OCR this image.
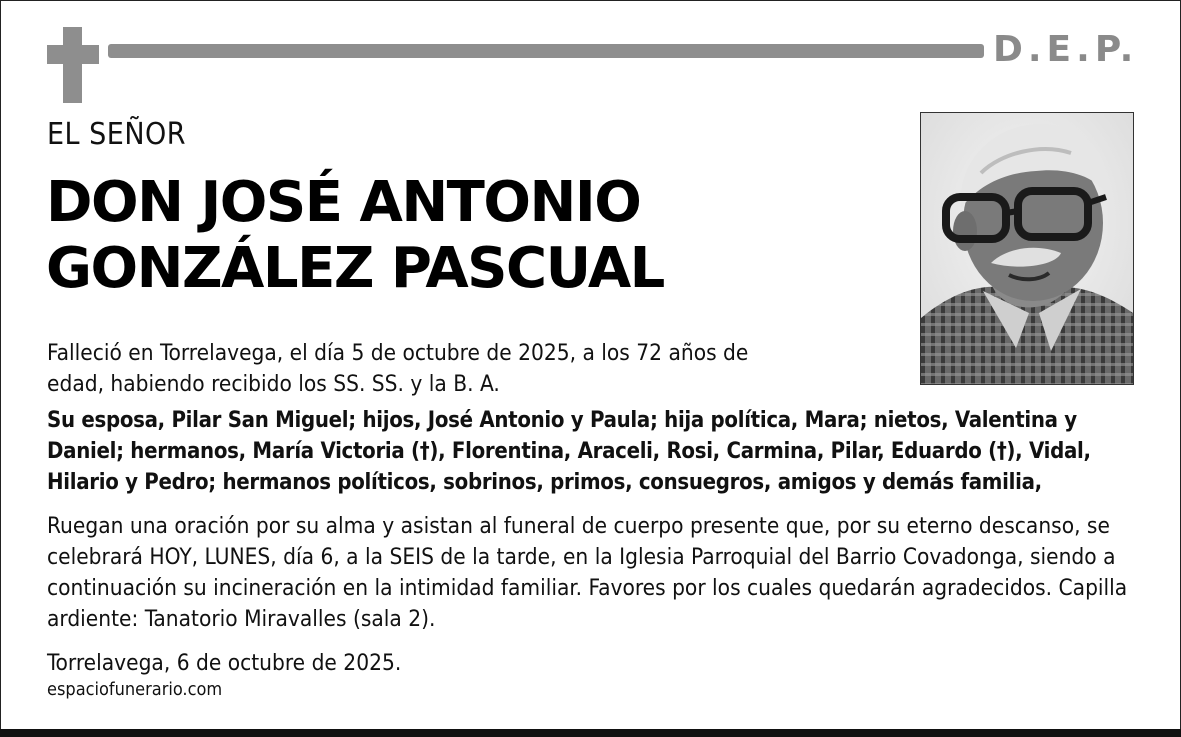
D.E.P.
EL SEÑOR
DON JOSÉ ANTONIO
GONZÁLEZ PASCUAL

Falleció en Torrelavega, el día 5 de octubre de 2025, a los 72 años de edad, habiendo recibido los SS. SS. y la B. A.

Su esposa, Pilar San Miguel; hijos, José Antonio y Paula; hija política, Mara; nietos, Valentina y Daniel; hermanos, María Victoria (†), Florentina, Araceli, Rosi, Carmina, Pilar, Eduardo (†), Vidal, Hilario y Pedro; hermanos políticos, sobrinos, primos, consuegros, amigos y demás familia,

Ruegan una oración por su alma y asistan al funeral de cuerpo presente que, por su eterno descanso, se celebrará HOY, LUNES, día 6, a la SEIS de la tarde, en la Iglesia Parroquial del Barrio Covadonga, siendo a continuación su incineración en la intimidad familiar. Favores por los cuales quedarán agradecidos. Capilla ardiente: Tanatorio Miravalles (sala 2).

Torrelavega, 6 de octubre de 2025.

espaciofunerario.com
